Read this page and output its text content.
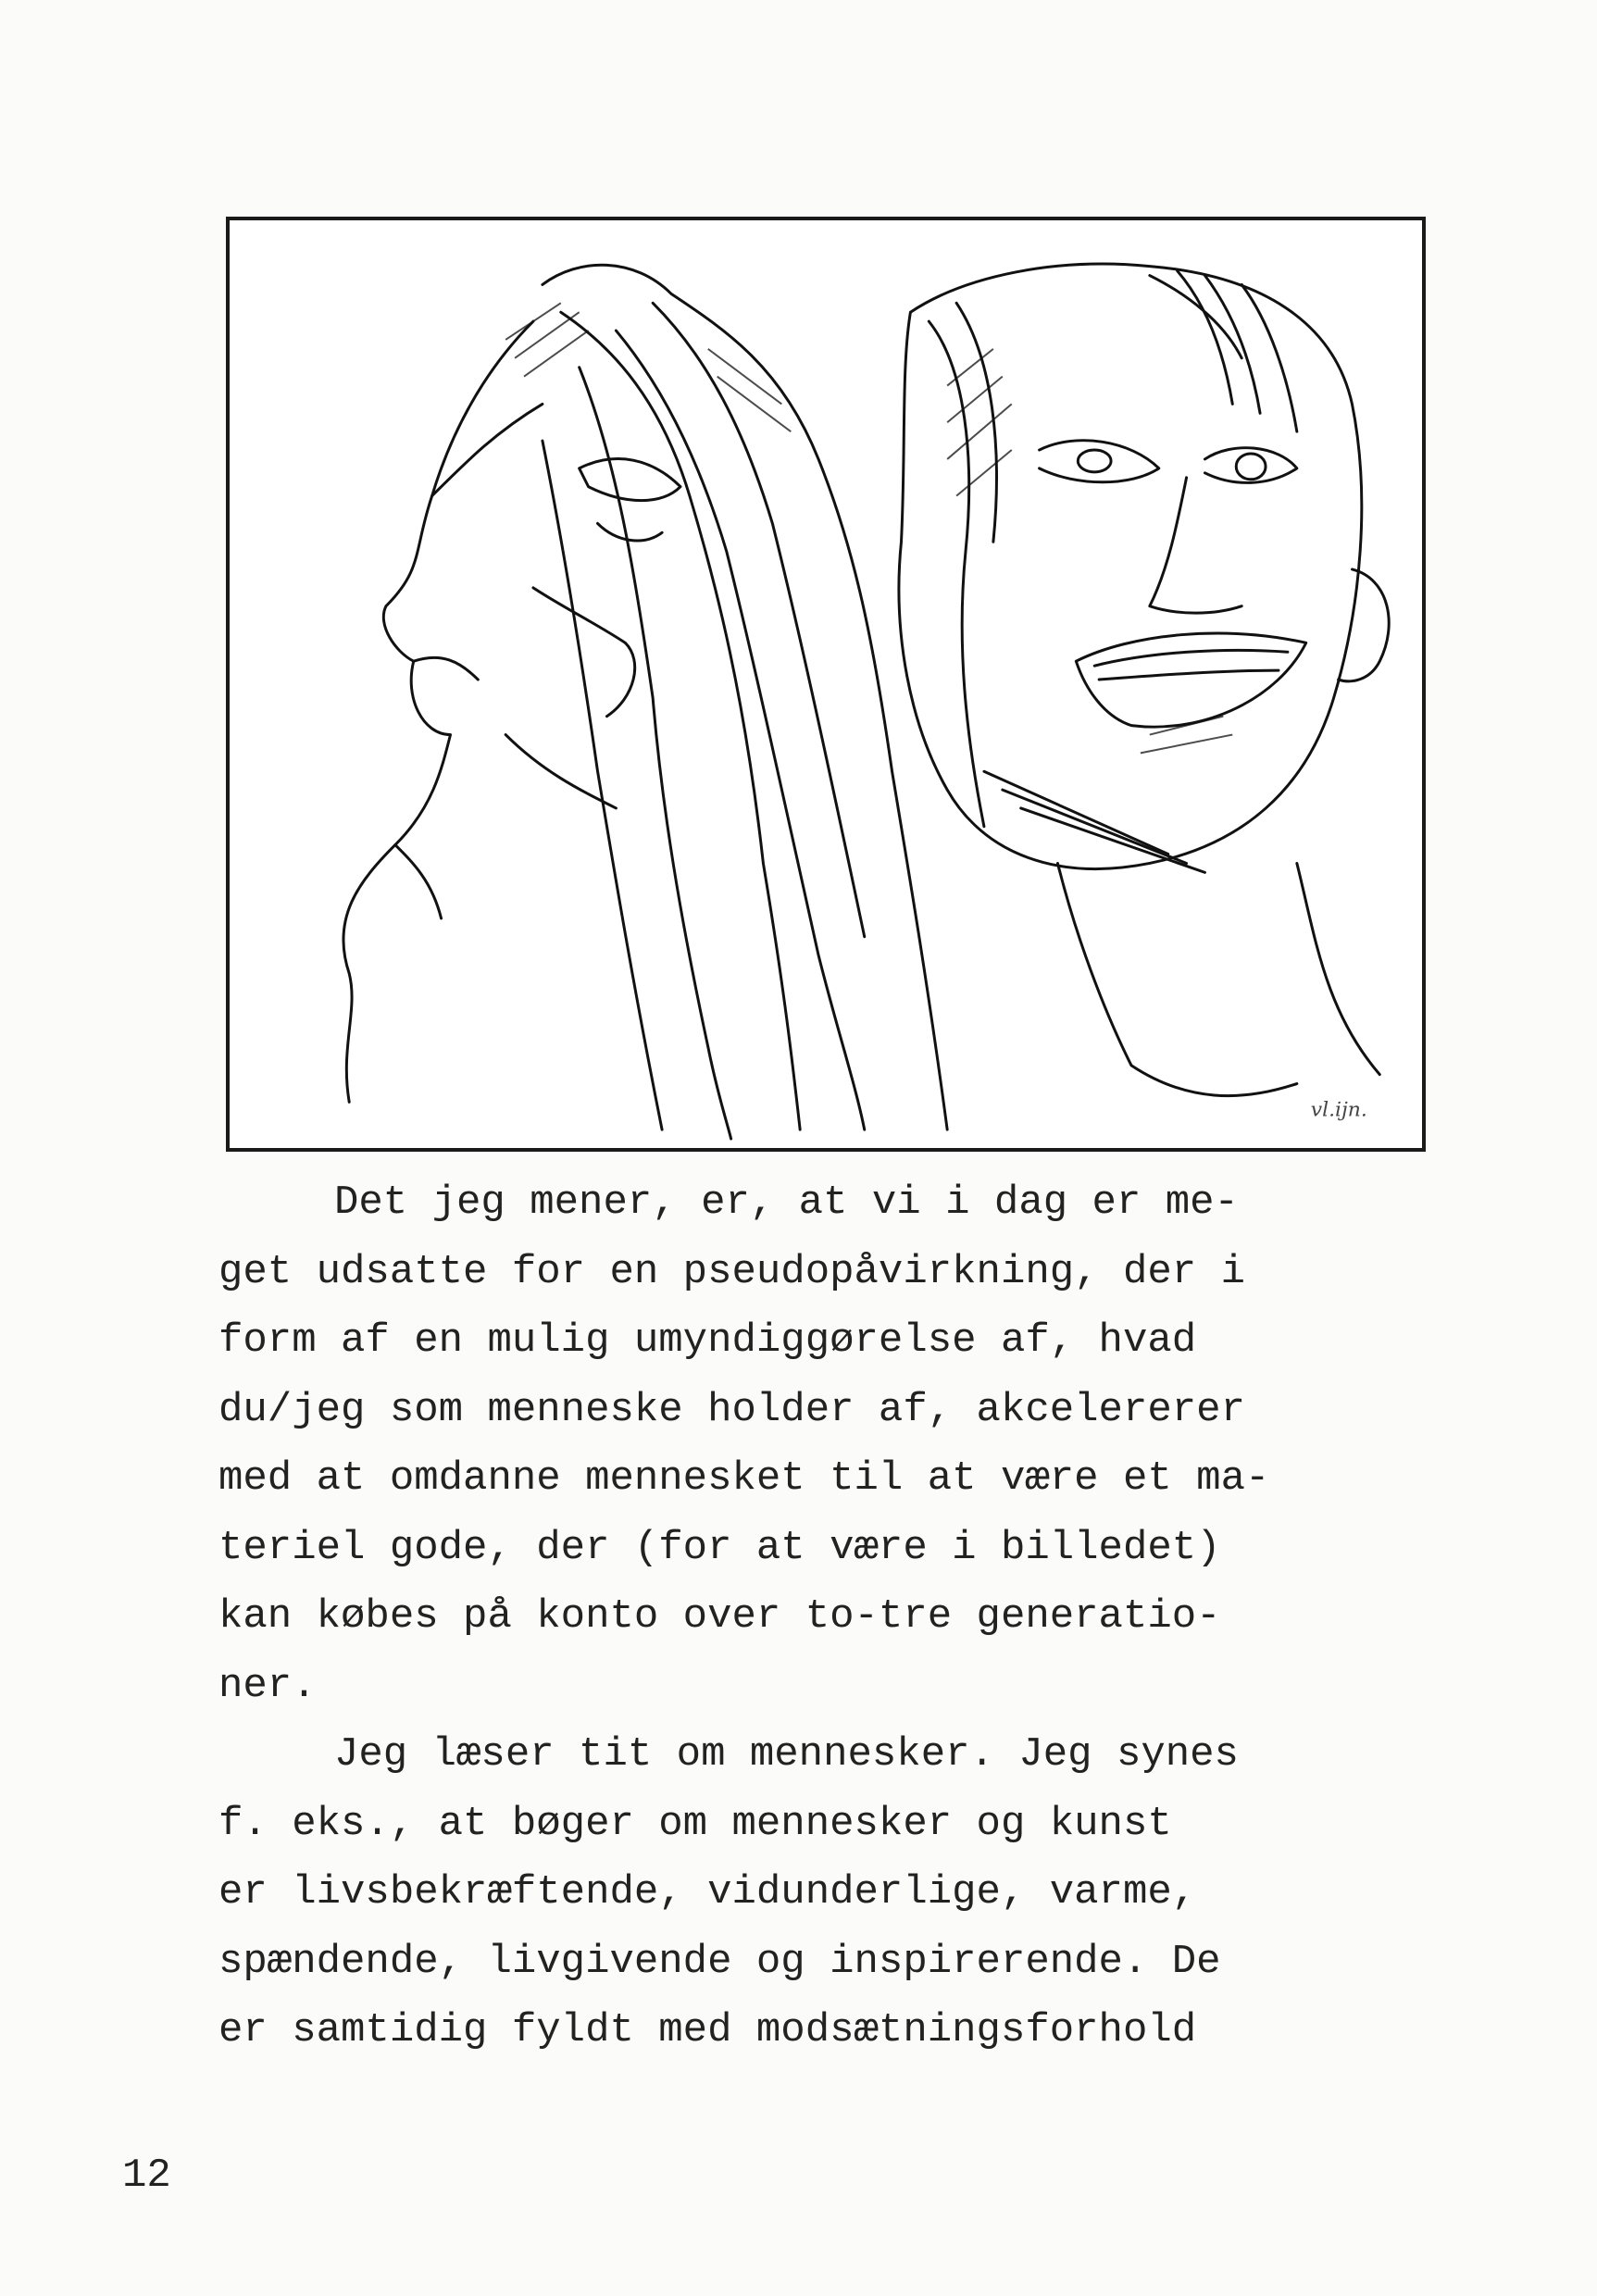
vl.ijn.
Det jeg mener, er, at vi i dag er me-
get udsatte for en pseudopåvirkning, der i
form af en mulig umyndiggørelse af, hvad
du/jeg som menneske holder af, akcelererer
med at omdanne mennesket til at være et ma-
teriel gode, der (for at være i billedet)
kan købes på konto over to-tre generatio-
ner.
Jeg læser tit om mennesker. Jeg synes
f. eks., at bøger om mennesker og kunst
er livsbekræftende, vidunderlige, varme,
spændende, livgivende og inspirerende. De
er samtidig fyldt med modsætningsforhold
12
